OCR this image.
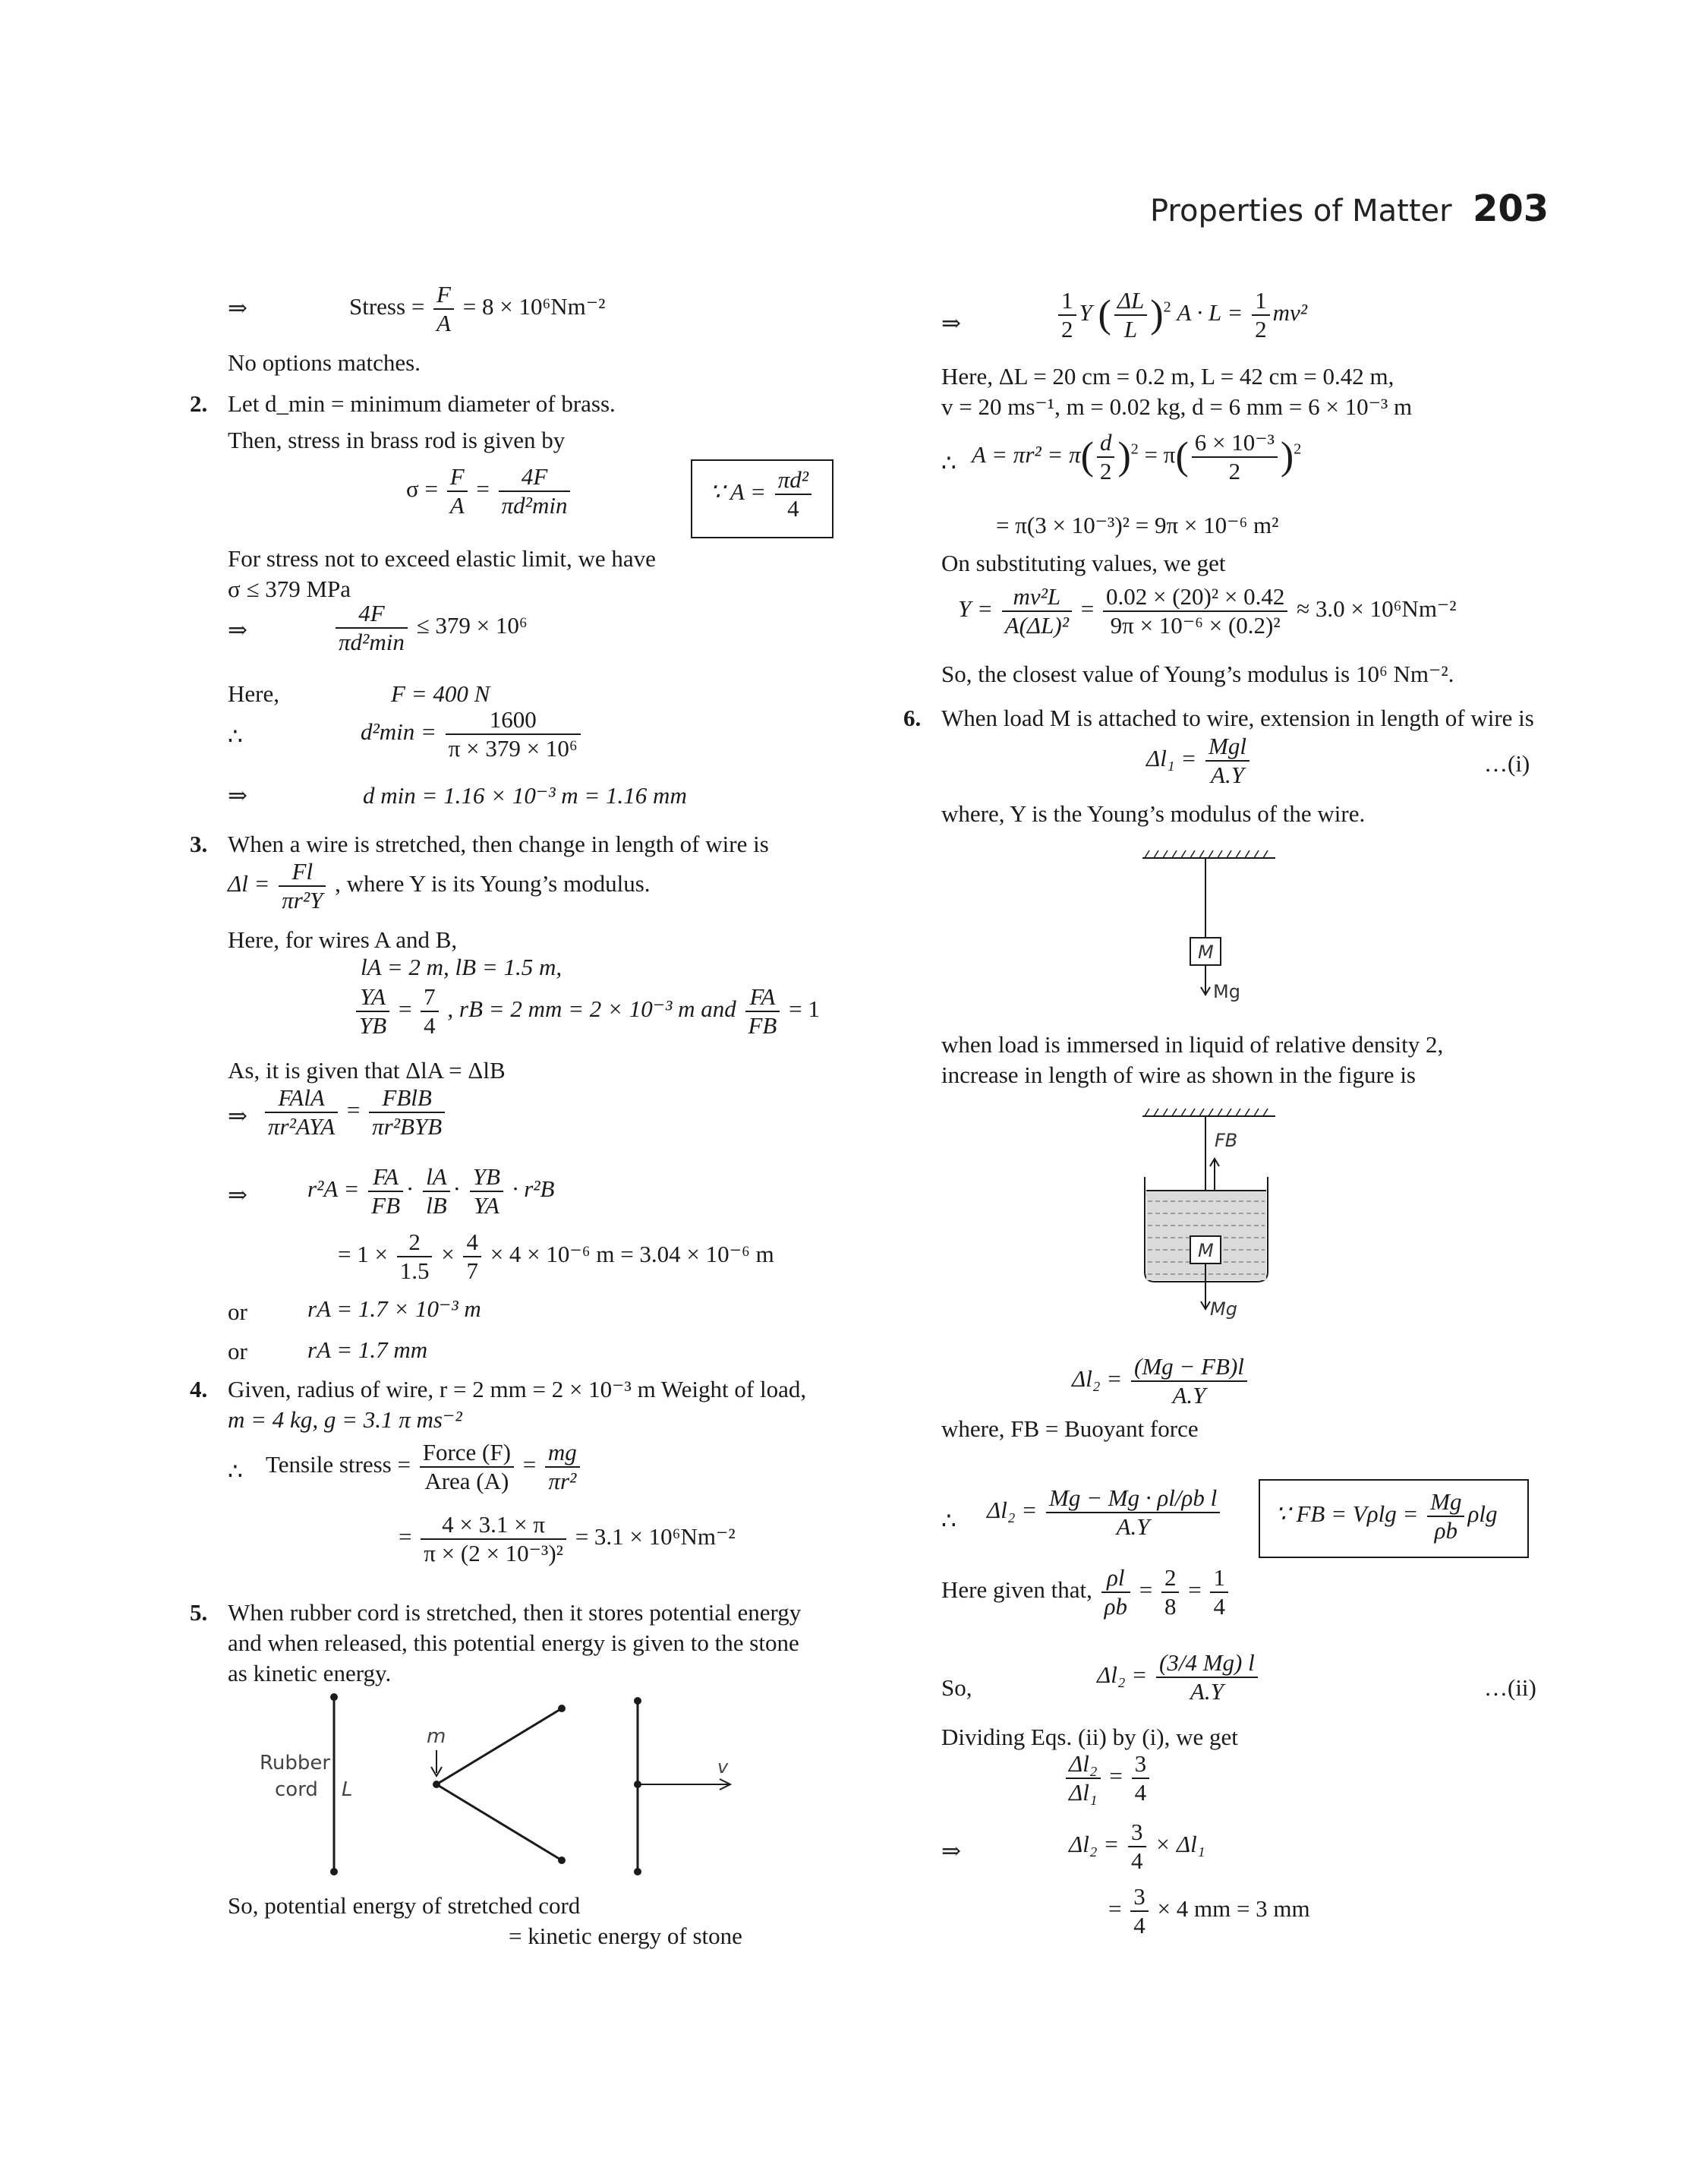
Properties of Matter 203
⇒	Stress = $\frac{F}{A} = 8 \times 10^6Nm^{-2}$
No options matches.
2. Let d_min = minimum diameter of brass.
Then, stress in brass rod is given by
$\sigma = \frac{F}{A} = \frac{4F}{\text{πd²min}}$	∵ $A = \frac{\text{πd²}}{4}$
For stress not to exceed elastic limit, we have
σ ≤ 379 MPa
⇒	$\frac{4F}{\text{πd²min}} \le 379 \times 10^6$
Here,	F = 400 N
∴	$d^2\min = \frac{1600}{\text{π × 379 × 10⁶}}$
⇒	d min = 1.16 × 10⁻³ m = 1.16 mm
3. When a wire is stretched, then change in length of wire is
$\Delta l = \frac{Fl}{\text{πr²Y}}$ , where Y is its Young’s modulus.
Here, for wires A and B,
lA = 2 m, lB = 1.5 m,
$\frac{YA}{YB} = \frac{7}{4}$ , rB = 2 mm = 2 × 10⁻³ m and $\frac{FA}{FB} = 1$
As, it is given that ΔlA = ΔlB
⇒ $\frac{\text{FAlA}}{\text{πr²AYA}} = \frac{\text{FBlB}}{\text{πr²BYB}}$
⇒	$r^2A = \frac{FA}{FB} \cdot \frac{lA}{lB} \cdot \frac{YB}{YA} \cdot r^2B$
= $1 \times \frac{2}{1.5} \times \frac{4}{7} \times 4 \times 10^{-6}$ m = 3.04 × 10⁻⁶ m
or	rA = 1.7 × 10⁻³ m
or	rA = 1.7 mm
4. Given, radius of wire, r = 2 mm = 2 × 10⁻³ m Weight of load,
m = 4 kg, g = 3.1 π ms⁻²
∴ Tensile stress = $\frac{\text{Force (F)}}{\text{Area (A)}} = \frac{mg}{\text{πr²}}$
= $\frac{4 \times 3.1 \times \pi}{\text{π × (2 × 10⁻³)²}} = 3.1 \times 10^6Nm^{-2}$
5. When rubber cord is stretched, then it stores potential energy
and when released, this potential energy is given to the stone
as kinetic energy.
Rubber
cord L
m
v
So, potential energy of stretched cord
= kinetic energy of stone
⇒	$\frac{1}{2}$ Y ( $\frac{\Delta L}{L} )^2$ $A \cdot L = \frac{1}{2} mv^2$
Here, ΔL = 20 cm = 0.2 m, L = 42 cm = 0.42 m,
v = 20 ms⁻¹, m = 0.02 kg, d = 6 mm = 6 × 10⁻³ m
∴ $A = \pi r^2 = \pi( \frac{d}{2} )^2 = \pi( \frac{\text{6 × 10⁻³}}{2} )^2$
= π(3 × 10⁻³)² = 9π × 10⁻⁶ m²
On substituting values, we get
$Y = \frac{\text{mv²L}}{\text{A(ΔL)²}} = \frac{\text{0.02 × (20)² × 0.42}}{\text{9π × 10⁻⁶ × (0.2)²}} \approx 3.0 \times 10^6Nm^{-2}$
So, the closest value of Young’s modulus is 10⁶ Nm⁻².
6. When load M is attached to wire, extension in length of wire is
$\Delta l_1 = \frac{\text{Mgl}}{A.Y}$	…(i)
where, Y is the Young’s modulus of the wire.
M
Mg
when load is immersed in liquid of relative density 2,
increase in length of wire as shown in the figure is
FB
M
Mg
$\Delta l_2 = \frac{(Mg - FB)l}{A.Y}$
where, FB = Buoyant force
∴ $\Delta l_2 = \frac{\text{Mg − Mg · ρl/ρb l}}{A.Y}$ ∵ FB = $V\rho\lg = \frac{Mg}{\rho b}$ ρlg
Here given that, $\frac{\rho l}{\rho b} = \frac{2}{8} = \frac{1}{4}$
So,	$\Delta l_2 = \frac{(3/4 Mg) l}{A.Y}$	…(ii)
Dividing Eqs. (ii) by (i), we get
$\frac{\text{Δl₂}}{\text{Δl₁}} = \frac{3}{4}$
⇒	$\Delta l_2 = \frac{3}{4} \times \Delta l_1$
= $\frac{3}{4} \times 4$ mm = 3 mm
